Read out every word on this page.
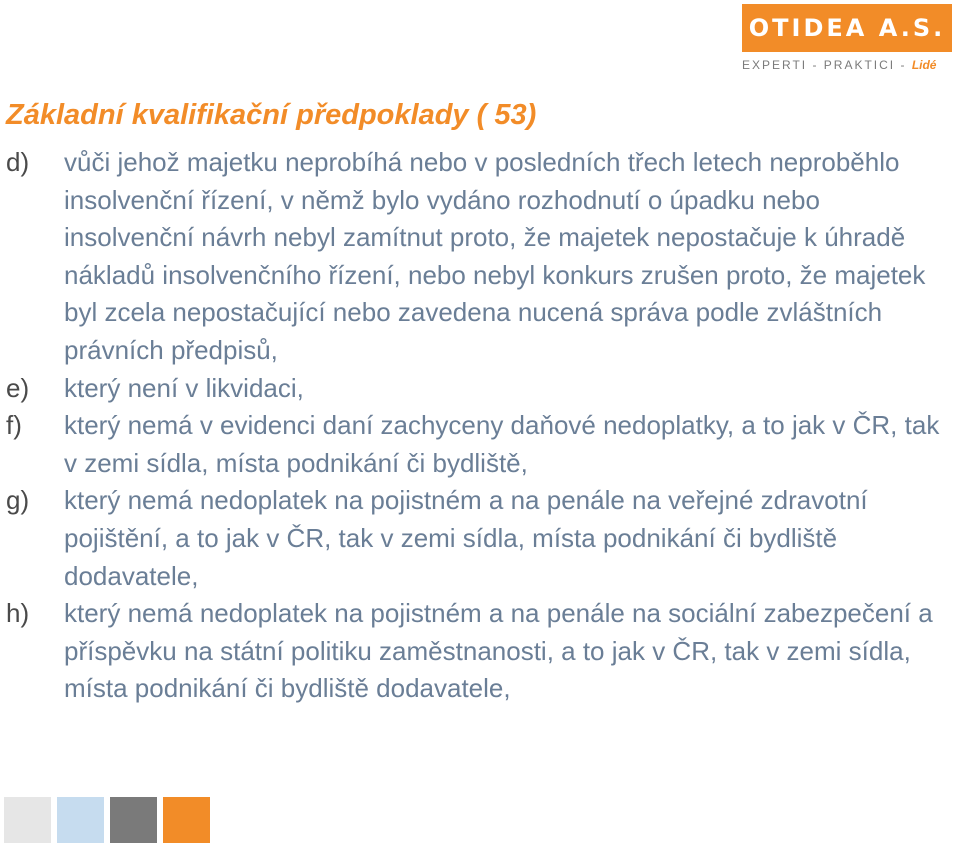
OTIDEA A.S.
EXPERTI - PRAKTICI - Lidé
Základní kvalifikační předpoklady ( 53)
d)	vůči jehož majetku neprobíhá nebo v posledních třech letech neproběhlo insolvenční řízení, v němž bylo vydáno rozhodnutí o úpadku nebo insolvenční návrh nebyl zamítnut proto, že majetek nepostačuje k úhradě nákladů insolvenčního řízení, nebo nebyl konkurs zrušen proto, že majetek byl zcela nepostačující nebo zavedena nucená správa podle zvláštních právních předpisů,
e)	který není v likvidaci,
f)	který nemá v evidenci daní zachyceny daňové nedoplatky, a to jak v ČR, tak v zemi sídla, místa podnikání či bydliště,
g)	který nemá nedoplatek na pojistném a na penále na veřejné zdravotní pojištění, a to jak v ČR, tak v zemi sídla, místa podnikání či bydliště dodavatele,
h)	který nemá nedoplatek na pojistném a na penále na sociální zabezpečení a příspěvku na státní politiku zaměstnanosti, a to jak v ČR, tak v zemi sídla, místa podnikání či bydliště dodavatele,
